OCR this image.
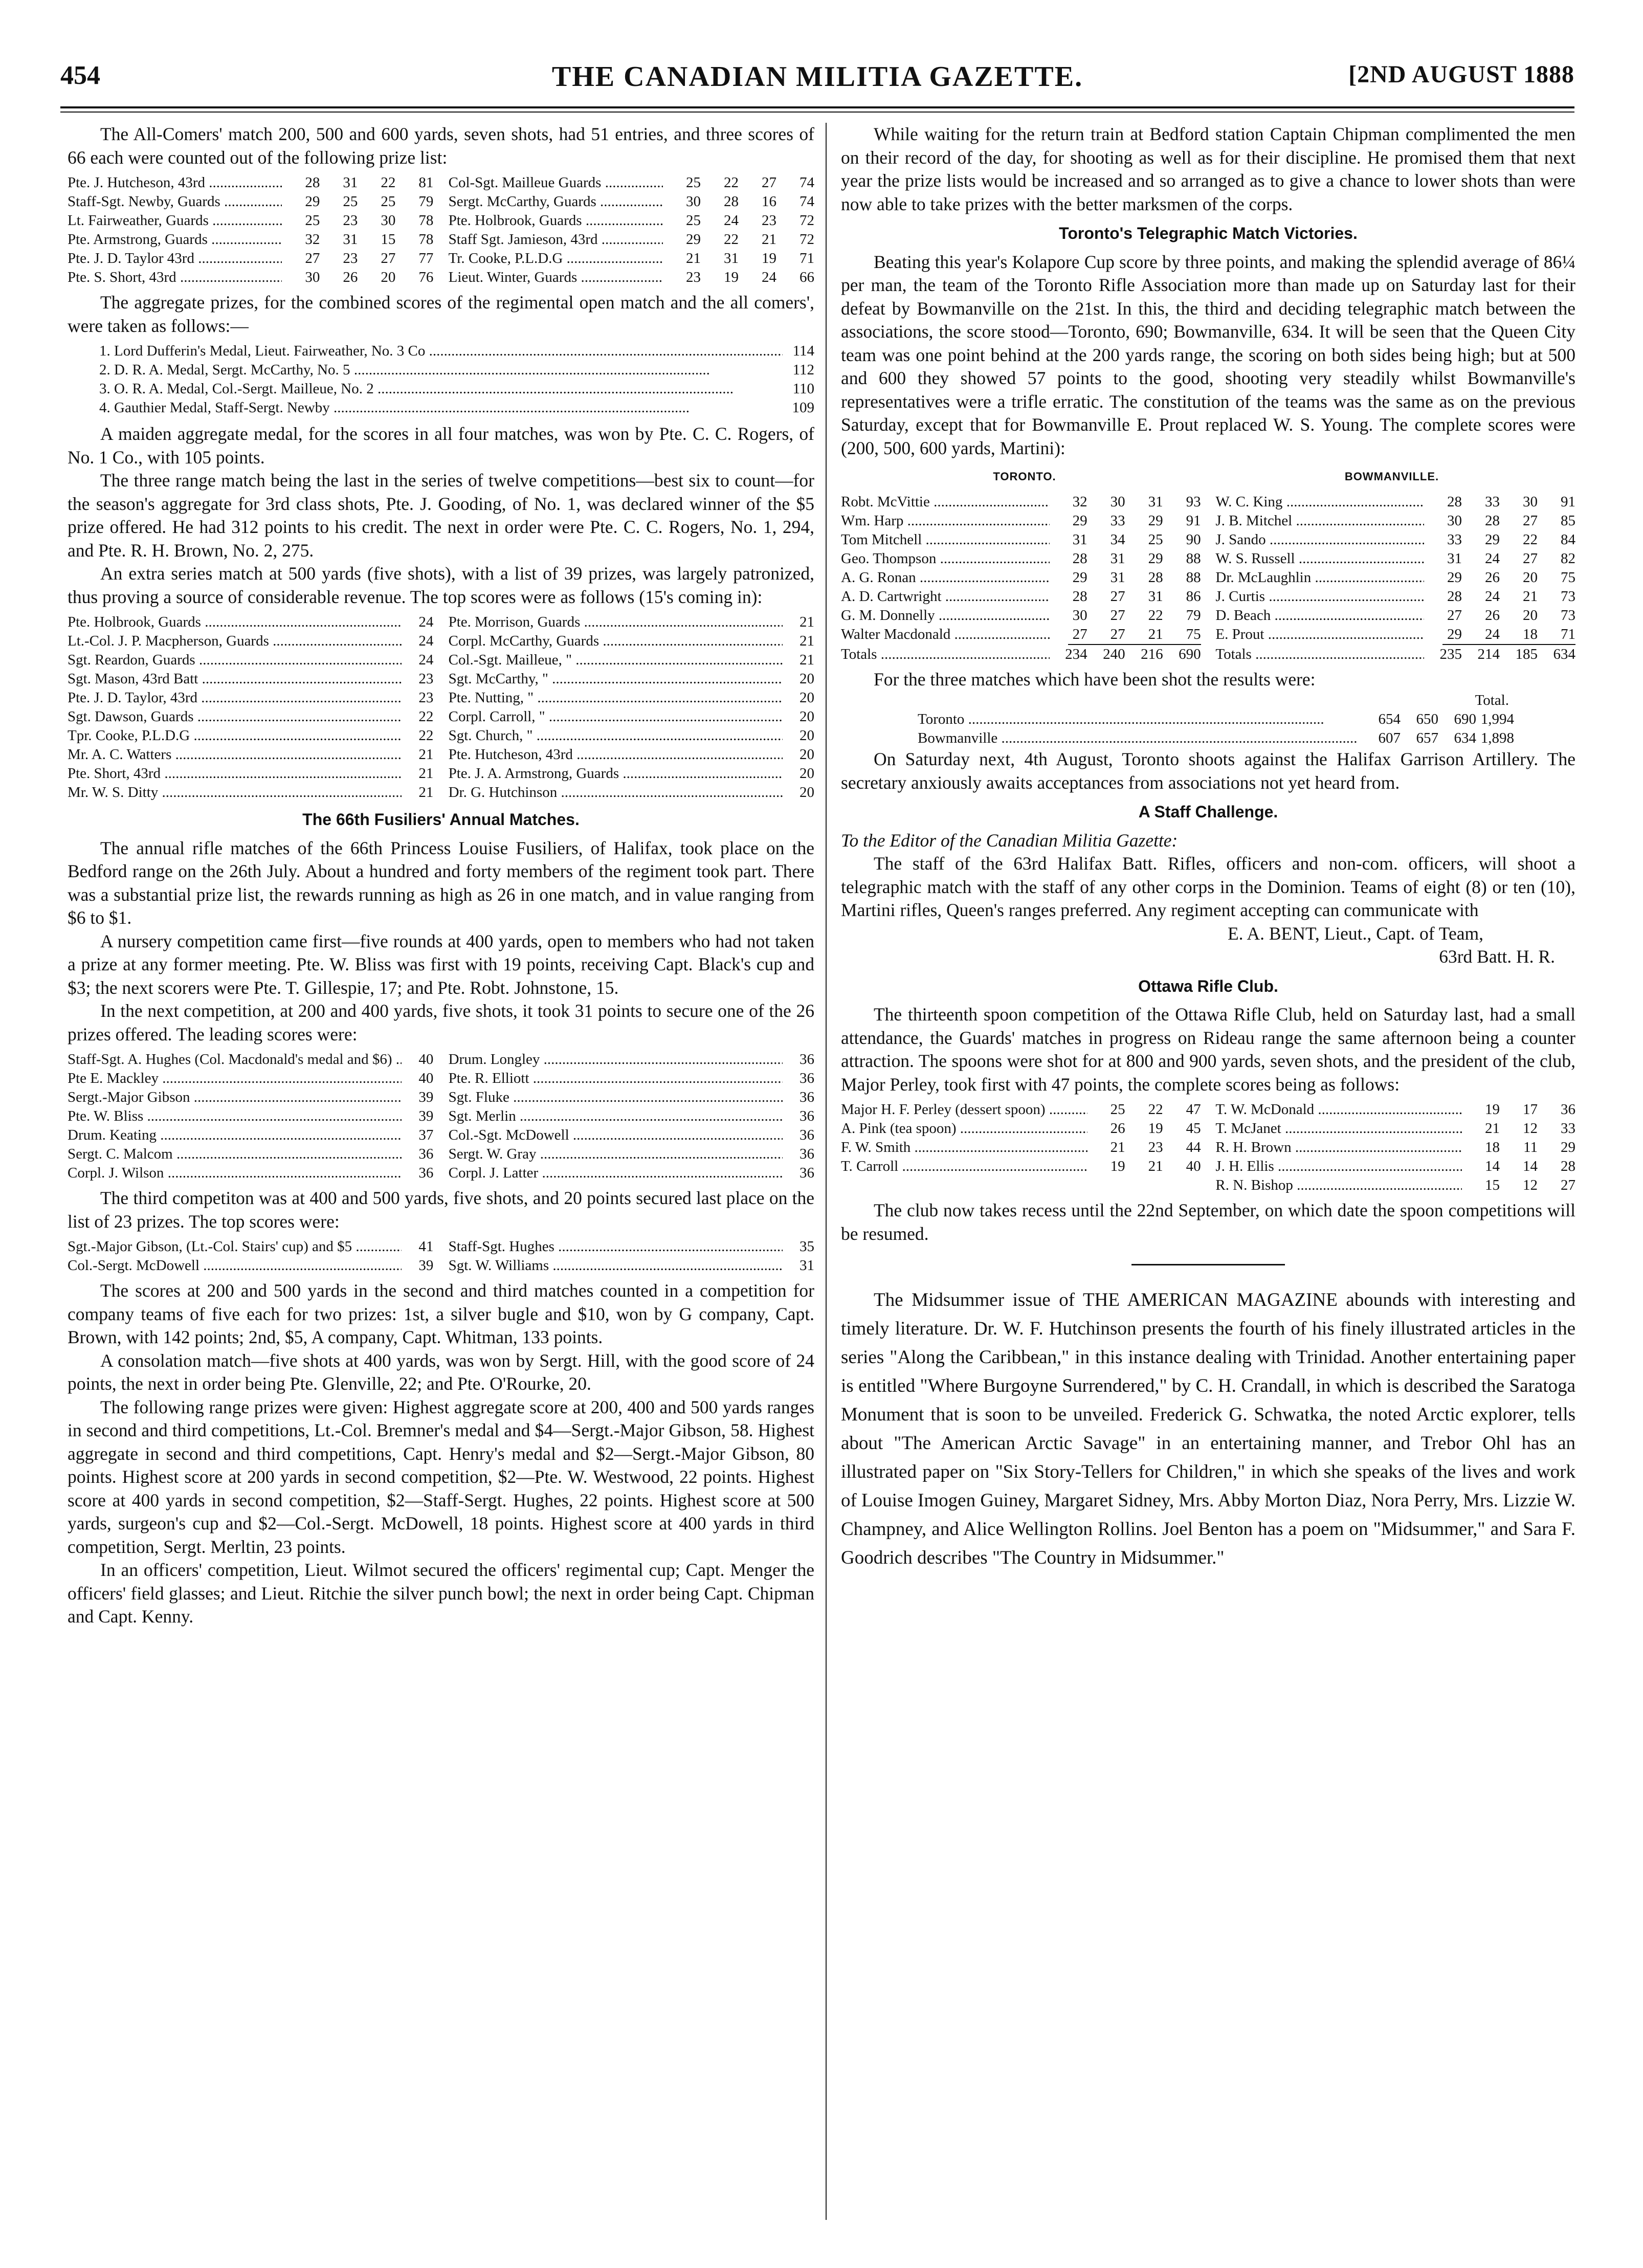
454	THE CANADIAN MILITIA GAZETTE.	[2ND AUGUST 1888

The All-Comers' match 200, 500 and 600 yards, seven shots, had 51 entries, and three scores of 66 each were counted out of the following prize list:

Pte. J. Hutcheson, 43rd .....	28	31	22	81
Staff-Sgt. Newby, Guards .....	29	25	25	79
Lt. Fairweather, Guards .....	25	23	30	78
Pte. Armstrong, Guards .....	32	31	15	78
Pte. J. D. Taylor 43rd .....	27	23	27	77
Pte. S. Short, 43rd .....	30	26	20	76
Col-Sgt. Mailleue Guards .....	25	22	27	74
Sergt. McCarthy, Guards .....	30	28	16	74
Pte. Holbrook, Guards .....	25	24	23	72
Staff Sgt. Jamieson, 43rd .....	29	22	21	72
Tr. Cooke, P.L.D.G .....	21	31	19	71
Lieut. Winter, Guards .....	23	19	24	66

The aggregate prizes, for the combined scores of the regimental open match and the all comers', were taken as follows:—

1. Lord Dufferin's Medal, Lieut. Fairweather, No. 3 Co .....	114
2. D. R. A. Medal, Sergt. McCarthy, No. 5 .....	112
3. O. R. A. Medal, Col.-Sergt. Mailleue, No. 2 .....	110
4. Gauthier Medal, Staff-Sergt. Newby .....	109

A maiden aggregate medal, for the scores in all four matches, was won by Pte. C. C. Rogers, of No. 1 Co., with 105 points.

The three range match being the last in the series of twelve competitions—best six to count—for the season's aggregate for 3rd class shots, Pte. J. Gooding, of No. 1, was declared winner of the $5 prize offered. He had 312 points to his credit. The next in order were Pte. C. C. Rogers, No. 1, 294, and Pte. R. H. Brown, No. 2, 275.

An extra series match at 500 yards (five shots), with a list of 39 prizes, was largely patronized, thus proving a source of considerable revenue. The top scores were as follows (15's coming in):

Pte. Holbrook, Guards .....	24
Lt.-Col. J. P. Macpherson, Guards .....	24
Sgt. Reardon, Guards .....	24
Sgt. Mason, 43rd Batt .....	23
Pte. J. D. Taylor, 43rd .....	23
Sgt. Dawson, Guards .....	22
Tpr. Cooke, P.L.D.G .....	22
Mr. A. C. Watters .....	21
Pte. Short, 43rd .....	21
Mr. W. S. Ditty .....	21
Pte. Morrison, Guards .....	21
Corpl. McCarthy, Guards .....	21
Col.-Sgt. Mailleue, " .....	21
Sgt. McCarthy, " .....	20
Pte. Nutting, " .....	20
Corpl. Carroll, " .....	20
Sgt. Church, " .....	20
Pte. Hutcheson, 43rd .....	20
Pte. J. A. Armstrong, Guards .....	20
Dr. G. Hutchinson .....	20
The 66th Fusiliers' Annual Matches.

The annual rifle matches of the 66th Princess Louise Fusiliers, of Halifax, took place on the Bedford range on the 26th July. About a hundred and forty members of the regiment took part. There was a substantial prize list, the rewards running as high as 26 in one match, and in value ranging from $6 to $1.

A nursery competition came first—five rounds at 400 yards, open to members who had not taken a prize at any former meeting. Pte. W. Bliss was first with 19 points, receiving Capt. Black's cup and $3; the next scorers were Pte. T. Gillespie, 17; and Pte. Robt. Johnstone, 15.

In the next competition, at 200 and 400 yards, five shots, it took 31 points to secure one of the 26 prizes offered. The leading scores were:

Staff-Sgt. A. Hughes (Col. Macdonald's medal and $6) .....	40
Pte E. Mackley .....	40
Sergt.-Major Gibson .....	39
Pte. W. Bliss .....	39
Drum. Keating .....	37
Sergt. C. Malcom .....	36
Corpl. J. Wilson .....	36
Drum. Longley .....	36
Pte. R. Elliott .....	36
Sgt. Fluke .....	36
Sgt. Merlin .....	36
Col.-Sgt. McDowell .....	36
Sergt. W. Gray .....	36
Corpl. J. Latter .....	36

The third competiton was at 400 and 500 yards, five shots, and 20 points secured last place on the list of 23 prizes. The top scores were:

Sgt.-Major Gibson, (Lt.-Col. Stairs' cup) and $5 .....	41
Col.-Sergt. McDowell .....	39
Staff-Sgt. Hughes .....	35
Sgt. W. Williams .....	31

The scores at 200 and 500 yards in the second and third matches counted in a competition for company teams of five each for two prizes: 1st, a silver bugle and $10, won by G company, Capt. Brown, with 142 points; 2nd, $5, A company, Capt. Whitman, 133 points.

A consolation match—five shots at 400 yards, was won by Sergt. Hill, with the good score of 24 points, the next in order being Pte. Glenville, 22; and Pte. O'Rourke, 20.

The following range prizes were given: Highest aggregate score at 200, 400 and 500 yards ranges in second and third competitions, Lt.-Col. Bremner's medal and $4—Sergt.-Major Gibson, 58. Highest aggregate in second and third competitions, Capt. Henry's medal and $2—Sergt.-Major Gibson, 80 points. Highest score at 200 yards in second competition, $2—Pte. W. Westwood, 22 points. Highest score at 400 yards in second competition, $2—Staff-Sergt. Hughes, 22 points. Highest score at 500 yards, surgeon's cup and $2—Col.-Sergt. McDowell, 18 points. Highest score at 400 yards in third competition, Sergt. Merltin, 23 points.

In an officers' competition, Lieut. Wilmot secured the officers' regimental cup; Capt. Menger the officers' field glasses; and Lieut. Ritchie the silver punch bowl; the next in order being Capt. Chipman and Capt. Kenny.

While waiting for the return train at Bedford station Captain Chipman complimented the men on their record of the day, for shooting as well as for their discipline. He promised them that next year the prize lists would be increased and so arranged as to give a chance to lower shots than were now able to take prizes with the better marksmen of the corps.

Toronto's Telegraphic Match Victories.

Beating this year's Kolapore Cup score by three points, and making the splendid average of 86¼ per man, the team of the Toronto Rifle Association more than made up on Saturday last for their defeat by Bowmanville on the 21st. In this, the third and deciding telegraphic match between the associations, the score stood—Toronto, 690; Bowmanville, 634. It will be seen that the Queen City team was one point behind at the 200 yards range, the scoring on both sides being high; but at 500 and 600 they showed 57 points to the good, shooting very steadily whilst Bowmanville's representatives were a trifle erratic. The constitution of the teams was the same as on the previous Saturday, except that for Bowmanville E. Prout replaced W. S. Young. The complete scores were (200, 500, 600 yards, Martini):

TORONTO.	BOWMANVILLE.
Robt. McVittie .....	32	30	31	93
Wm. Harp .....	29	33	29	91
Tom Mitchell .....	31	34	25	90
Geo. Thompson .....	28	31	29	88
A. G. Ronan .....	29	31	28	88
A. D. Cartwright .....	28	27	31	86
G. M. Donnelly .....	30	27	22	79
Walter Macdonald .....	27	27	21	75
Totals .....	234	240	216	690
W. C. King .....	28	33	30	91
J. B. Mitchel .....	30	28	27	85
J. Sando .....	33	29	22	84
W. S. Russell .....	31	24	27	82
Dr. McLaughlin .....	29	26	20	75
J. Curtis .....	28	24	21	73
D. Beach .....	27	26	20	73
E. Prout .....	29	24	18	71
Totals .....	235	214	185	634

For the three matches which have been shot the results were:

Total.
Toronto .....	654	650	690 1,994
Bowmanville .....	607	657	634 1,898

On Saturday next, 4th August, Toronto shoots against the Halifax Garrison Artillery. The secretary anxiously awaits acceptances from associations not yet heard from.

A Staff Challenge.

To the Editor of the Canadian Militia Gazette:

The staff of the 63rd Halifax Batt. Rifles, officers and non-com. officers, will shoot a telegraphic match with the staff of any other corps in the Dominion. Teams of eight (8) or ten (10), Martini rifles, Queen's ranges preferred. Any regiment accepting can communicate with

E. A. BENT, Lieut., Capt. of Team,

63rd Batt. H. R.

Ottawa Rifle Club.

The thirteenth spoon competition of the Ottawa Rifle Club, held on Saturday last, had a small attendance, the Guards' matches in progress on Rideau range the same afternoon being a counter attraction. The spoons were shot for at 800 and 900 yards, seven shots, and the president of the club, Major Perley, took first with 47 points, the complete scores being as follows:

Major H. F. Perley (dessert spoon) .....	25	22	47
A. Pink (tea spoon) .....	26	19	45
F. W. Smith .....	21	23	44
T. Carroll .....	19	21	40
T. W. McDonald .....	19	17	36
T. McJanet .....	21	12	33
R. H. Brown .....	18	11	29
J. H. Ellis .....	14	14	28
R. N. Bishop .....	15	12	27

The club now takes recess until the 22nd September, on which date the spoon competitions will be resumed.

The Midsummer issue of THE AMERICAN MAGAZINE abounds with interesting and timely literature. Dr. W. F. Hutchinson presents the fourth of his finely illustrated articles in the series "Along the Caribbean," in this instance dealing with Trinidad. Another entertaining paper is entitled "Where Burgoyne Surrendered," by C. H. Crandall, in which is described the Saratoga Monument that is soon to be unveiled. Frederick G. Schwatka, the noted Arctic explorer, tells about "The American Arctic Savage" in an entertaining manner, and Trebor Ohl has an illustrated paper on "Six Story-Tellers for Children," in which she speaks of the lives and work of Louise Imogen Guiney, Margaret Sidney, Mrs. Abby Morton Diaz, Nora Perry, Mrs. Lizzie W. Champney, and Alice Wellington Rollins. Joel Benton has a poem on "Midsummer," and Sara F. Goodrich describes "The Country in Midsummer."
